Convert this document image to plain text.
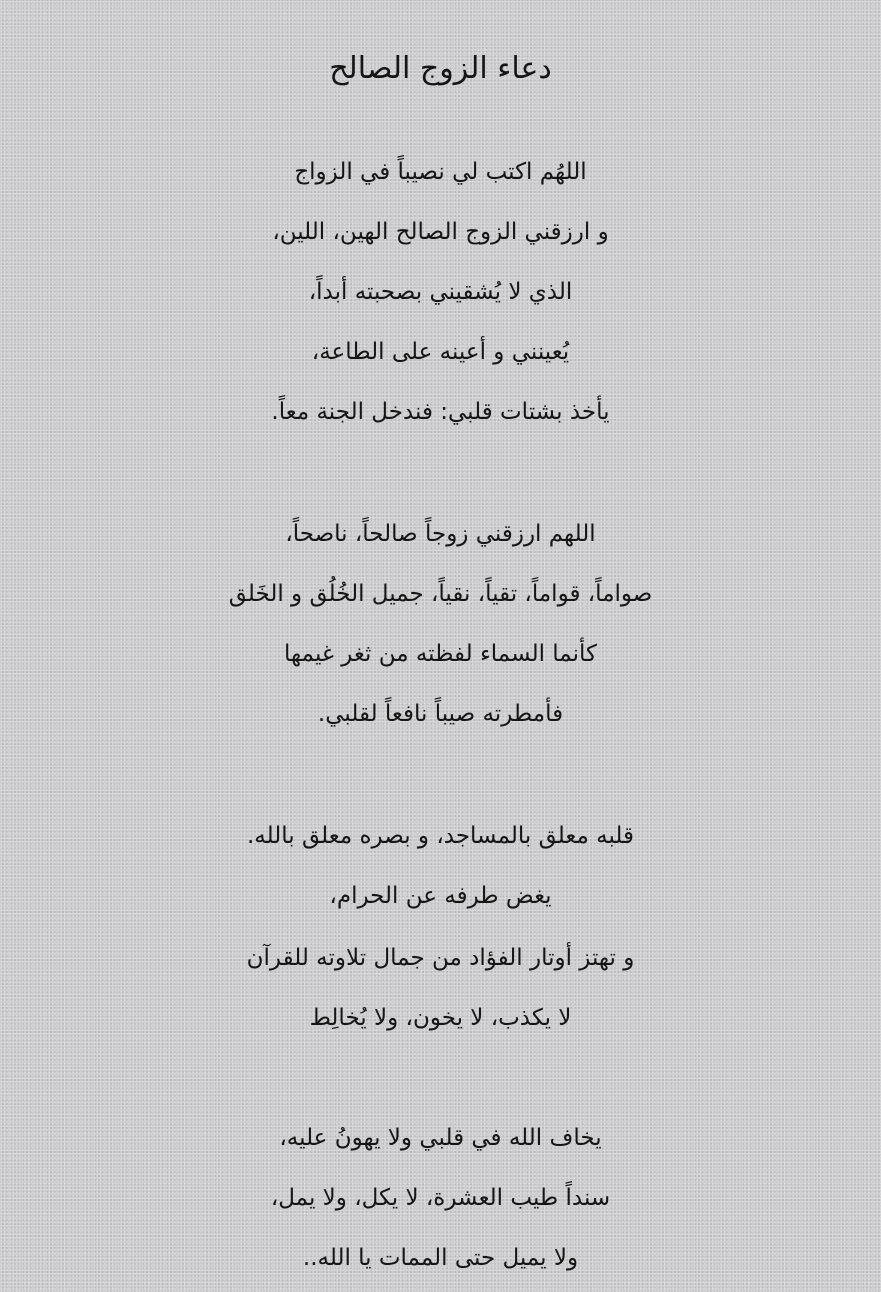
دعاء الزوج الصالح
اللهُم اكتب لي نصيباً في الزواج
و ارزقني الزوج الصالح الهين، اللين،
الذي لا يُشقيني بصحبته أبداً،
يُعينني و أعينه على الطاعة،
يأخذ بشتات قلبي: فندخل الجنة معاً.
اللهم ارزقني زوجاً صالحاً، ناصحاً،
صواماً، قواماً، تقياً، نقياً، جميل الخُلُق و الخَلق
كأنما السماء لفظته من ثغر غيمها
فأمطرته صيباً نافعاً لقلبي.
قلبه معلق بالمساجد، و بصره معلق بالله.
يغض طرفه عن الحرام،
و تهتز أوتار الفؤاد من جمال تلاوته للقرآن
لا يكذب، لا يخون، ولا يُخالِط
يخاف الله في قلبي ولا يهونُ عليه،
سنداً طيب العشرة، لا يكل، ولا يمل،
ولا يميل حتى الممات يا الله..
